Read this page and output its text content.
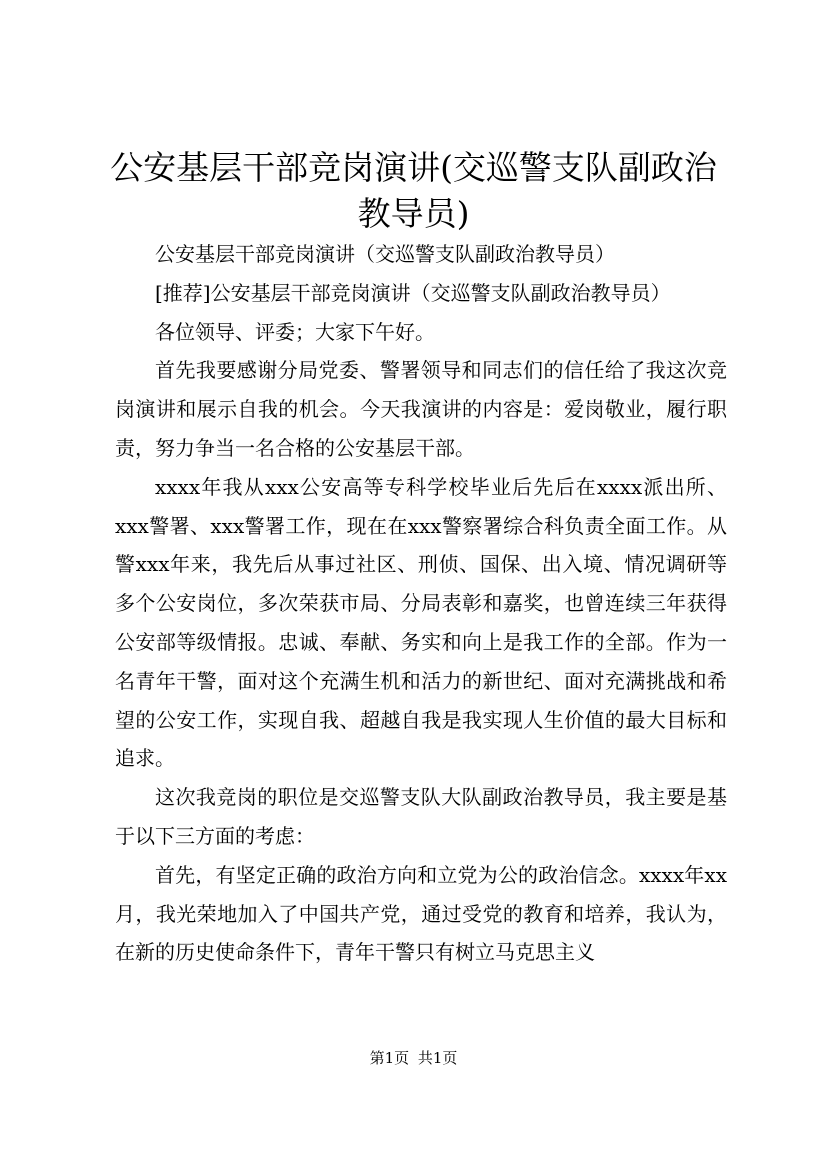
公安基层干部竞岗演讲(交巡警支队副政治教导员)

公安基层干部竞岗演讲（交巡警支队副政治教导员）

[推荐]公安基层干部竞岗演讲（交巡警支队副政治教导员）

各位领导、评委；大家下午好。

首先我要感谢分局党委、警署领导和同志们的信任给了我这次竞岗演讲和展示自我的机会。今天我演讲的内容是：爱岗敬业，履行职责，努力争当一名合格的公安基层干部。

xxxx年我从xxx公安高等专科学校毕业后先后在xxxx派出所、xxx警署、xxx警署工作，现在在xxx警察署综合科负责全面工作。从警xxx年来，我先后从事过社区、刑侦、国保、出入境、情况调研等多个公安岗位，多次荣获市局、分局表彰和嘉奖，也曾连续三年获得公安部等级情报。忠诚、奉献、务实和向上是我工作的全部。作为一名青年干警，面对这个充满生机和活力的新世纪、面对充满挑战和希望的公安工作，实现自我、超越自我是我实现人生价值的最大目标和追求。

这次我竞岗的职位是交巡警支队大队副政治教导员，我主要是基于以下三方面的考虑：

首先，有坚定正确的政治方向和立党为公的政治信念。xxxx年xx月，我光荣地加入了中国共产党，通过受党的教育和培养，我认为，在新的历史使命条件下，青年干警只有树立马克思主义

第1页 共1页
